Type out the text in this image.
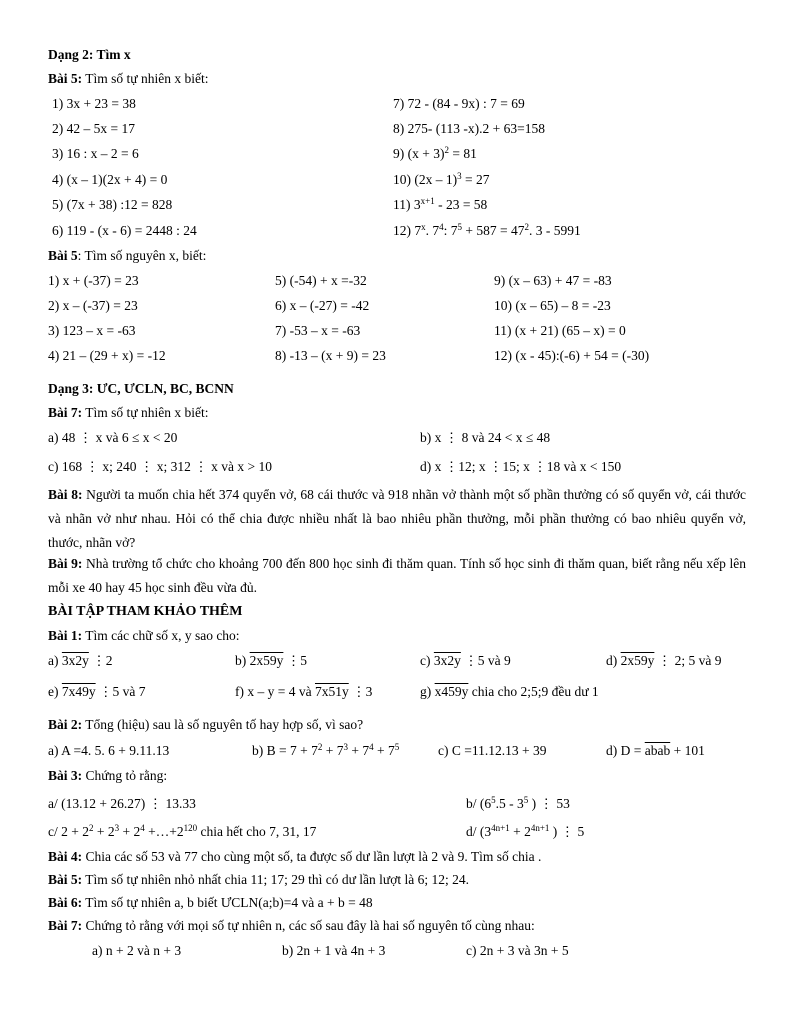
Dạng 2: Tìm x
Bài 5: Tìm số tự nhiên x biết:
1) 3x + 23 = 38
2) 42 – 5x = 17
3) 16 : x – 2 = 6
4) (x – 1)(2x + 4) = 0
5) (7x + 38) :12 = 828
6) 119 - (x - 6) = 2448 : 24
7) 72 - (84 - 9x) : 7 = 69
8) 275- (113 -x).2 + 63=158
9) $(x + 3)^2 = 81$
10) (2x – 1)$^3$ = 27
11) $3^{x+1} - 23 = 58$
12) 7$^x$. $7^4$: $7^5 + 587 = 47^2$. 3 - 5991
Bài 5: Tìm số nguyên x, biết:
1) x + (-37) = 23
2) x – (-37) = 23
3) 123 – x = -63
4) 21 – (29 + x) = -12
5) (-54) + x =-32
6) x – (-27) = -42
7) -53 – x = -63
8) -13 – (x + 9) = 23
9) (x – 63) + 47 = -83
10) (x – 65) – 8 = -23
11) (x + 21) (65 – x) = 0
12) (x - 45):(-6) + 54 = (-30)
Dạng 3: ƯC, ƯCLN, BC, BCNN
Bài 7: Tìm số tự nhiên x biết:
a) 48 ⋮ x và 6 ≤ x < 20	b) x ⋮ 8 và 24 < x ≤ 48
c) 168 ⋮ x; 240 ⋮ x; 312 ⋮ x và x > 10	d) x ⋮12; x ⋮15; x ⋮18 và x < 150
Bài 8: Người ta muốn chia hết 374 quyển vở, 68 cái thước và 918 nhãn vở thành một số phần thưởng có số quyển vở, cái thước và nhãn vở như nhau. Hỏi có thể chia được nhiều nhất là bao nhiêu phần thưởng, mỗi phần thưởng có bao nhiêu quyển vở, thước, nhãn vở?
Bài 9: Nhà trường tổ chức cho khoảng 700 đến 800 học sinh đi thăm quan. Tính số học sinh đi thăm quan, biết rằng nếu xếp lên mỗi xe 40 hay 45 học sinh đều vừa đủ.
BÀI TẬP THAM KHẢO THÊM
Bài 1: Tìm các chữ số x, y sao cho:
a) 3x2y ⋮2	b) 2x59y ⋮5	c) 3x2y ⋮5 và 9	d) 2x59y ⋮ 2; 5 và 9
e) 7x49y ⋮5 và 7	f) x – y = 4 và 7x51y ⋮3	g) x459y chia cho 2;5;9 đều dư 1
Bài 2: Tổng (hiệu) sau là số nguyên tố hay hợp số, vì sao?
a) A =4. 5. 6 + 9.11.13	b) $B = 7 + 7^2 + 7^3 + 7^4 + 7^5$	c) C =11.12.13 + 39	d) D = abab + 101
Bài 3: Chứng tỏ rằng:
a/ (13.12 + 26.27) ⋮ 13.33	b/ ($6^5.5 - 3^5$ ) ⋮ 53
c/ $2 + 2^2 + 2^3 + 2^4$ $+\dots+2^{120}$ chia hết cho 7, 31, 17	d/ ($3^{4n+1} + 2^{4n+1}$ ) ⋮ 5
Bài 4: Chia các số 53 và 77 cho cùng một số, ta được số dư lần lượt là 2 và 9. Tìm số chia .
Bài 5: Tìm số tự nhiên nhỏ nhất chia 11; 17; 29 thì có dư lần lượt là 6; 12; 24.
Bài 6: Tìm số tự nhiên a, b biết ƯCLN(a;b)=4 và a + b = 48
Bài 7: Chứng tỏ rằng với mọi số tự nhiên n, các số sau đây là hai số nguyên tố cùng nhau:
a) n + 2 và n + 3	b) 2n + 1 và 4n + 3	c) 2n + 3 và 3n + 5
